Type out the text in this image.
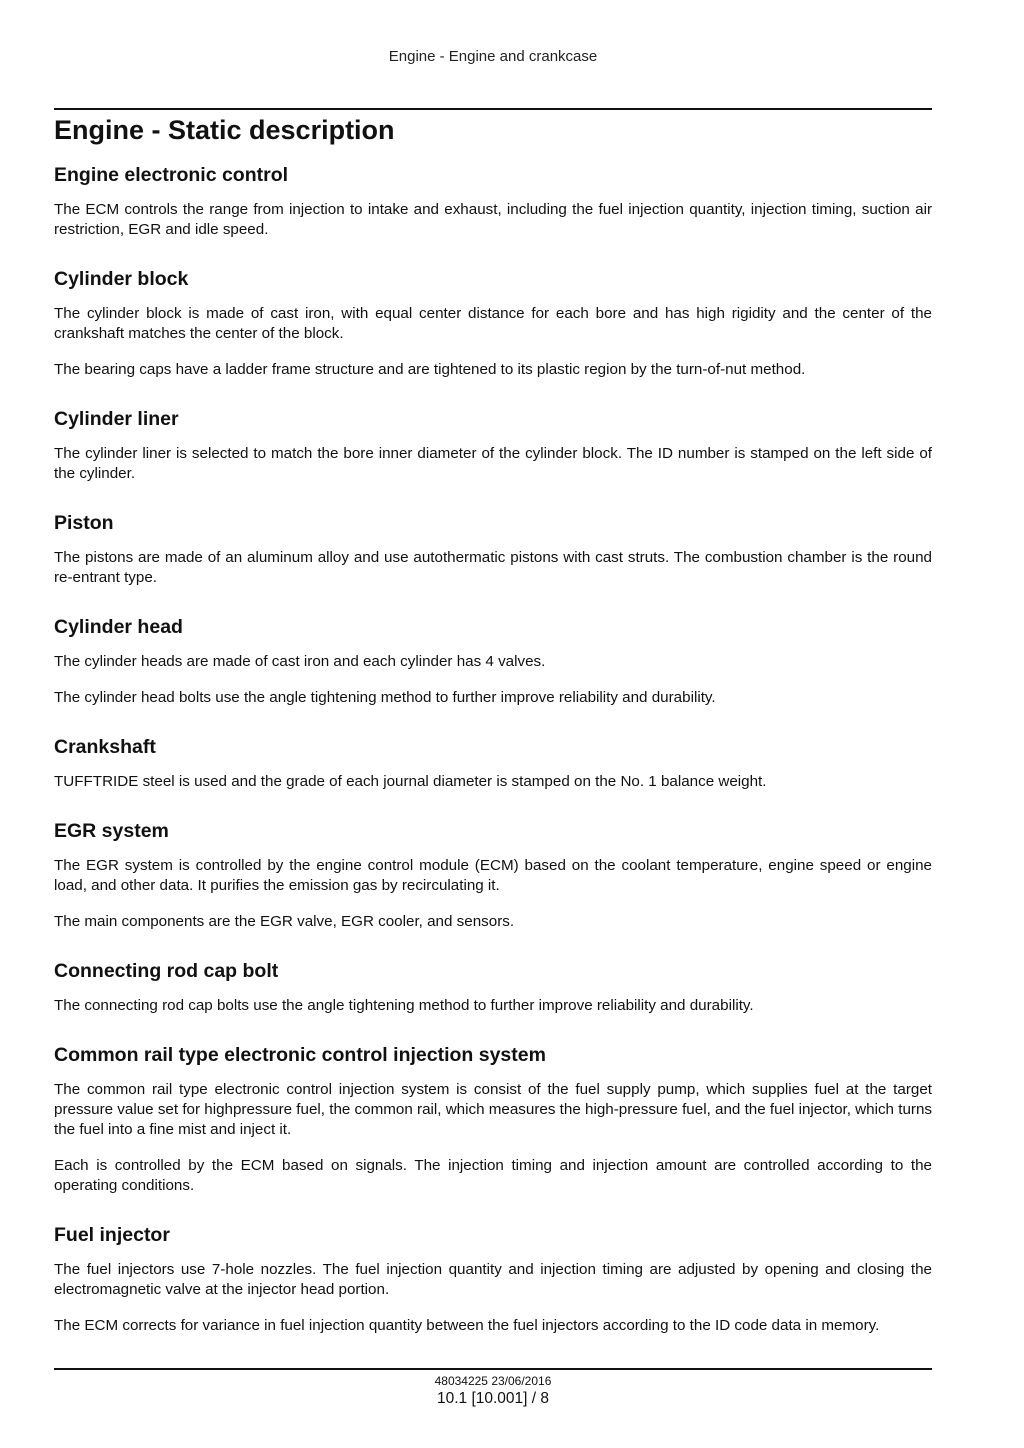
Engine - Engine and crankcase
Engine - Static description
Engine electronic control

The ECM controls the range from injection to intake and exhaust, including the fuel injection quantity, injection timing, suction air restriction, EGR and idle speed.

Cylinder block

The cylinder block is made of cast iron, with equal center distance for each bore and has high rigidity and the center of the crankshaft matches the center of the block.

The bearing caps have a ladder frame structure and are tightened to its plastic region by the turn-of-nut method.

Cylinder liner

The cylinder liner is selected to match the bore inner diameter of the cylinder block. The ID number is stamped on the left side of the cylinder.

Piston

The pistons are made of an aluminum alloy and use autothermatic pistons with cast struts. The combustion chamber is the round re-entrant type.

Cylinder head

The cylinder heads are made of cast iron and each cylinder has 4 valves.

The cylinder head bolts use the angle tightening method to further improve reliability and durability.

Crankshaft

TUFFTRIDE steel is used and the grade of each journal diameter is stamped on the No. 1 balance weight.

EGR system

The EGR system is controlled by the engine control module (ECM) based on the coolant temperature, engine speed or engine load, and other data. It purifies the emission gas by recirculating it.

The main components are the EGR valve, EGR cooler, and sensors.

Connecting rod cap bolt

The connecting rod cap bolts use the angle tightening method to further improve reliability and durability.

Common rail type electronic control injection system

The common rail type electronic control injection system is consist of the fuel supply pump, which supplies fuel at the target pressure value set for highpressure fuel, the common rail, which measures the high-pressure fuel, and the fuel injector, which turns the fuel into a fine mist and inject it.

Each is controlled by the ECM based on signals. The injection timing and injection amount are controlled according to the operating conditions.

Fuel injector

The fuel injectors use 7-hole nozzles. The fuel injection quantity and injection timing are adjusted by opening and closing the electromagnetic valve at the injector head portion.

The ECM corrects for variance in fuel injection quantity between the fuel injectors according to the ID code data in memory.

48034225 23/06/2016
10.1 [10.001] / 8
